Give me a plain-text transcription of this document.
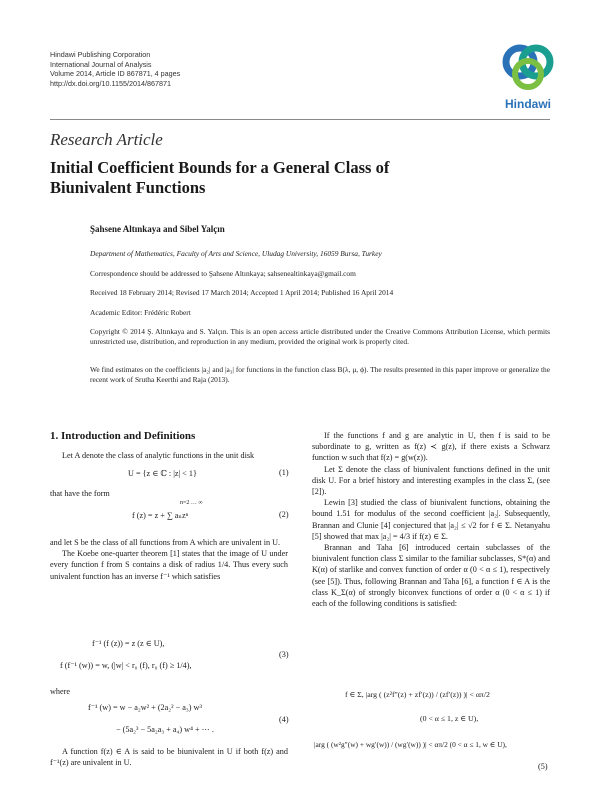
Hindawi Publishing Corporation
International Journal of Analysis
Volume 2014, Article ID 867871, 4 pages
http://dx.doi.org/10.1155/2014/867871
Hindawi
Research Article
Initial Coefficient Bounds for a General Class of Biunivalent Functions
Şahsene Altınkaya and Sibel Yalçın
Department of Mathematics, Faculty of Arts and Science, Uludag University, 16059 Bursa, Turkey
Correspondence should be addressed to Şahsene Altınkaya; sahsenealtinkaya@gmail.com
Received 18 February 2014; Revised 17 March 2014; Accepted 1 April 2014; Published 16 April 2014
Academic Editor: Frédéric Robert
Copyright © 2014 Ş. Altınkaya and S. Yalçın. This is an open access article distributed under the Creative Commons Attribution License, which permits unrestricted use, distribution, and reproduction in any medium, provided the original work is properly cited.
We find estimates on the coefficients |a₂| and |a₃| for functions in the function class B(λ, μ, ϕ). The results presented in this paper improve or generalize the recent work of Srutha Keerthi and Raja (2013).
1. Introduction and Definitions

Let A denote the class of analytic functions in the unit disk

U = {z ∈ ℂ : |z| < 1}	(1)

that have the form

f (z) = z + ∑ aₙzⁿ
n=2 … ∞
(2)

and let S be the class of all functions from A which are univalent in U.

The Koebe one-quarter theorem [1] states that the image of U under every function f from S contains a disk of radius 1/4. Thus every such univalent function has an inverse f⁻¹ which satisfies

f⁻¹ (f (z)) = z (z ∈ U),
f (f⁻¹ (w)) = w, (|w| < r₀ (f), r₀ (f) ≥ 1/4),
(3)

where

f⁻¹ (w) = w − a₂w² + (2a₂² − a₃) w³
− (5a₂³ − 5a₂a₃ + a₄) w⁴ + ⋯ .
(4)

A function f(z) ∈ A is said to be biunivalent in U if both f(z) and f⁻¹(z) are univalent in U.

If the functions f and g are analytic in U, then f is said to be subordinate to g, written as f(z) ≺ g(z), if there exists a Schwarz function w such that f(z) = g(w(z)).

Let Σ denote the class of biunivalent functions defined in the unit disk U. For a brief history and interesting examples in the class Σ, (see [2]).

Lewin [3] studied the class of biunivalent functions, obtaining the bound 1.51 for modulus of the second coefficient |a₂|. Subsequently, Brannan and Clunie [4] conjectured that |a₂| ≤ √2 for f ∈ Σ. Netanyahu [5] showed that max |a₂| = 4/3 if f(z) ∈ Σ.

Brannan and Taha [6] introduced certain subclasses of the biunivalent function class Σ similar to the familiar subclasses, S*(α) and K(α) of starlike and convex function of order α (0 < α ≤ 1), respectively (see [5]). Thus, following Brannan and Taha [6], a function f ∈ A is the class K_Σ(α) of strongly biconvex functions of order α (0 < α ≤ 1) if each of the following conditions is satisfied:

f ∈ Σ, |arg ( (z²f″(z) + zf′(z)) / (zf′(z)) )| < απ/2
(0 < α ≤ 1, z ∈ U),
|arg ( (w²g″(w) + wg′(w)) / (wg′(w)) )| < απ/2 (0 < α ≤ 1, w ∈ U),
(5)
